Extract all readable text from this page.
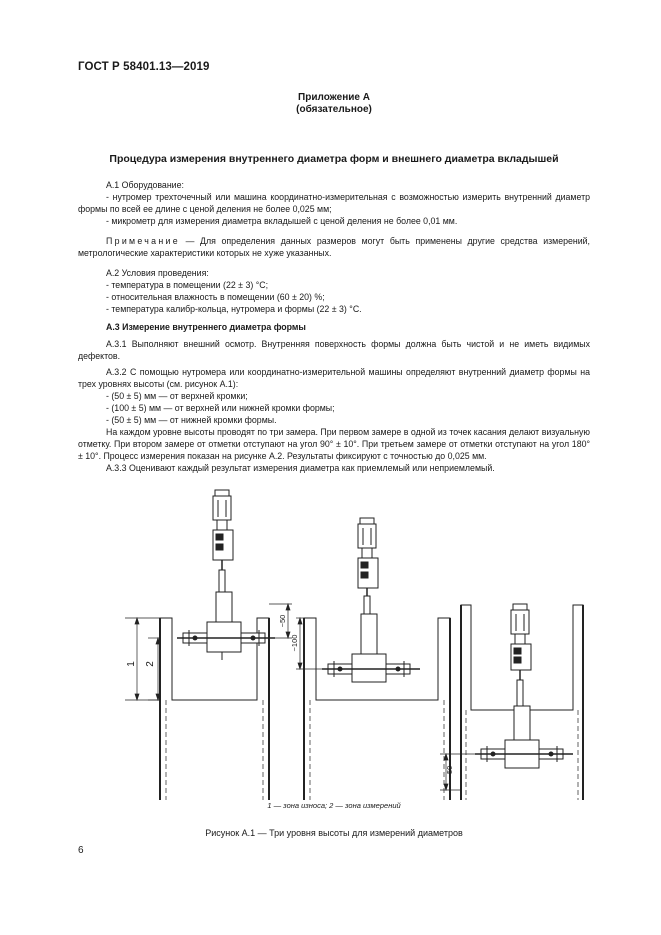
ГОСТ Р 58401.13—2019
Приложение А
(обязательное)
Процедура измерения внутреннего диаметра форм и внешнего диаметра вкладышей

А.1 Оборудование:

- нутромер трехточечный или машина координатно-измерительная с возможностью измерить внутренний диаметр формы по всей ее длине с ценой деления не более 0,025 мм;

- микрометр для измерения диаметра вкладышей с ценой деления не более 0,01 мм.

Примечание — Для определения данных размеров могут быть применены другие средства измерений, метрологические характеристики которых не хуже указанных.

А.2 Условия проведения:

- температура в помещении (22 ± 3) °С;

- относительная влажность в помещении (60 ± 20) %;

- температура калибр-кольца, нутромера и формы (22 ± 3) °С.

А.3 Измерение внутреннего диаметра формы

А.3.1 Выполняют внешний осмотр. Внутренняя поверхность формы должна быть чистой и не иметь видимых дефектов.

А.3.2 С помощью нутромера или координатно-измерительной машины определяют внутренний диаметр формы на трех уровнях высоты (см. рисунок А.1):

- (50 ± 5) мм — от верхней кромки;

- (100 ± 5) мм — от верхней или нижней кромки формы;

- (50 ± 5) мм — от нижней кромки формы.

На каждом уровне высоты проводят по три замера. При первом замере в одной из точек касания делают визуальную отметку. При втором замере от отметки отступают на угол 90° ± 10°. При третьем замере от отметки отступают на угол 180° ± 10°. Процесс измерения показан на рисунке А.2. Результаты фиксируют с точностью до 0,025 мм.

А.3.3 Оценивают каждый результат измерения диаметра как приемлемый или неприемлемый.

1 2
~50
~100
~50
1 — зона износа; 2 — зона измерений
Рисунок А.1 — Три уровня высоты для измерений диаметров
6
